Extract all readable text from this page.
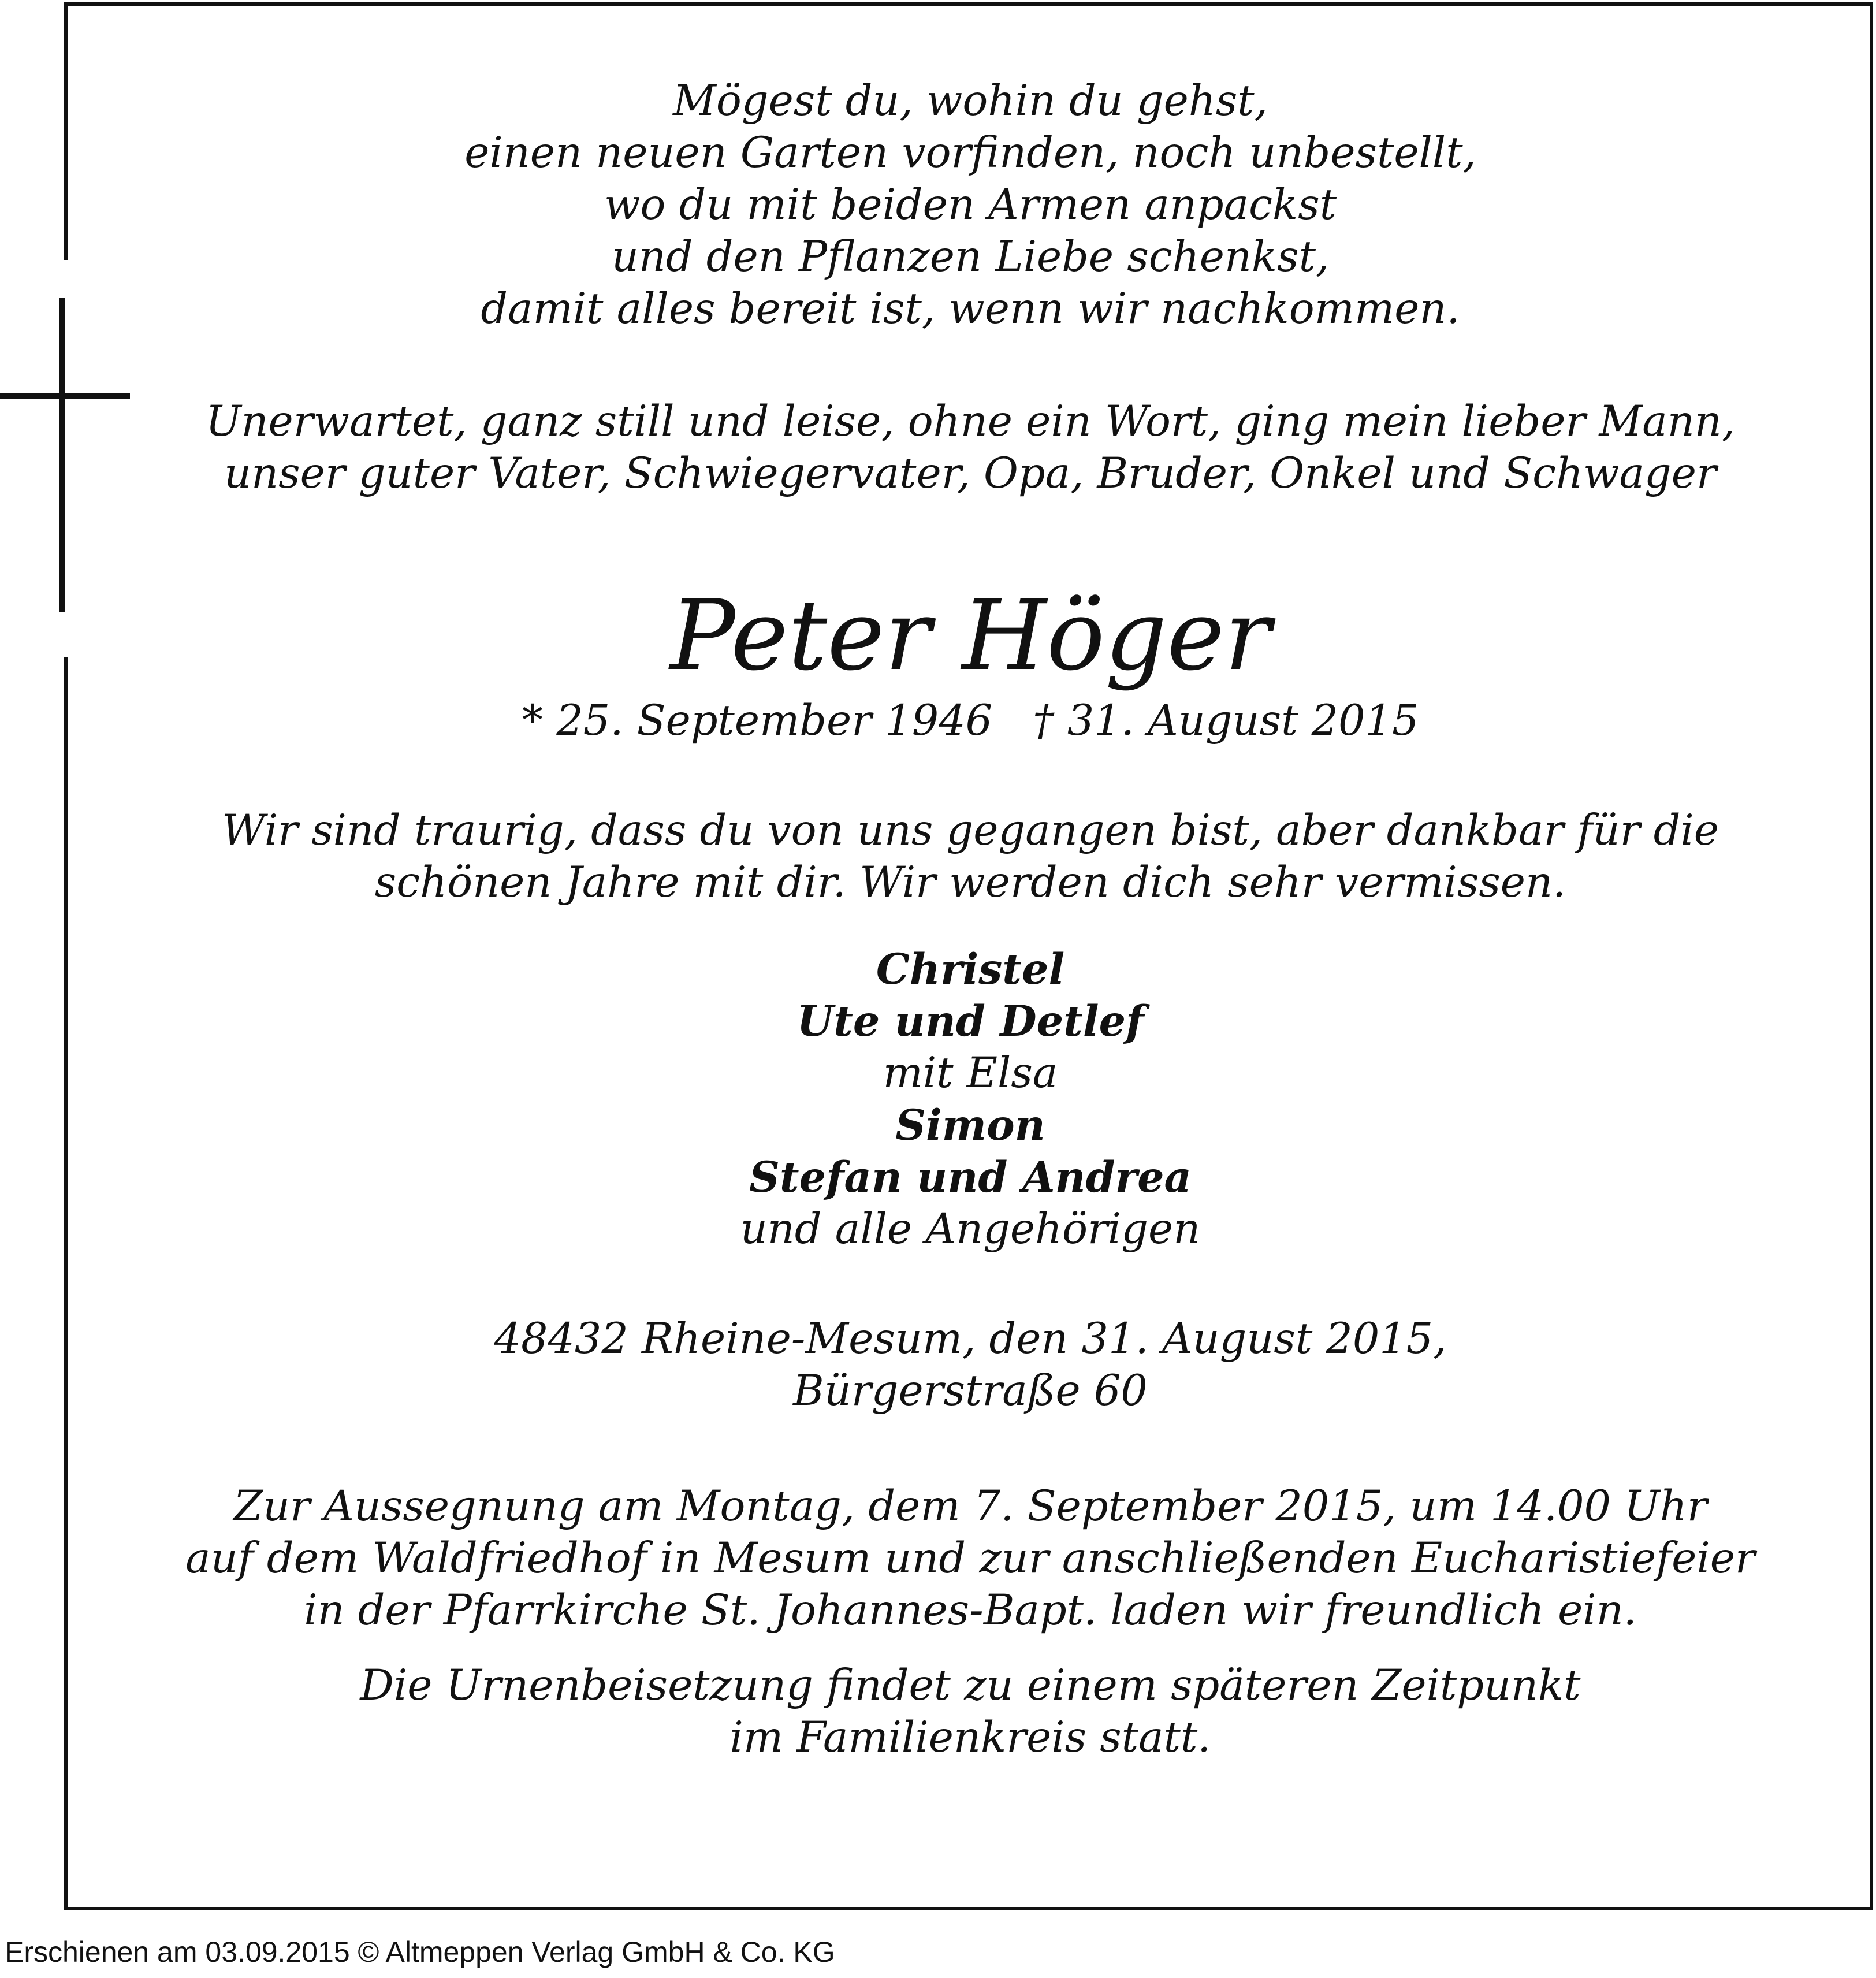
Mögest du, wohin du gehst,

einen neuen Garten vorfinden, noch unbestellt,

wo du mit beiden Armen anpackst

und den Pflanzen Liebe schenkst,

damit alles bereit ist, wenn wir nachkommen.

Unerwartet, ganz still und leise, ohne ein Wort, ging mein lieber Mann,

unser guter Vater, Schwiegervater, Opa, Bruder, Onkel und Schwager

Peter Höger
* 25. September 1946 † 31. August 2015

Wir sind traurig, dass du von uns gegangen bist, aber dankbar für die

schönen Jahre mit dir. Wir werden dich sehr vermissen.

Christel

Ute und Detlef

mit Elsa

Simon

Stefan und Andrea

und alle Angehörigen

48432 Rheine-Mesum, den 31. August 2015,

Bürgerstraße 60

Zur Aussegnung am Montag, dem 7. September 2015, um 14.00 Uhr

auf dem Waldfriedhof in Mesum und zur anschließenden Eucharistiefeier

in der Pfarrkirche St. Johannes-Bapt. laden wir freundlich ein.

Die Urnenbeisetzung findet zu einem späteren Zeitpunkt

im Familienkreis statt.

Erschienen am 03.09.2015 © Altmeppen Verlag GmbH & Co. KG
